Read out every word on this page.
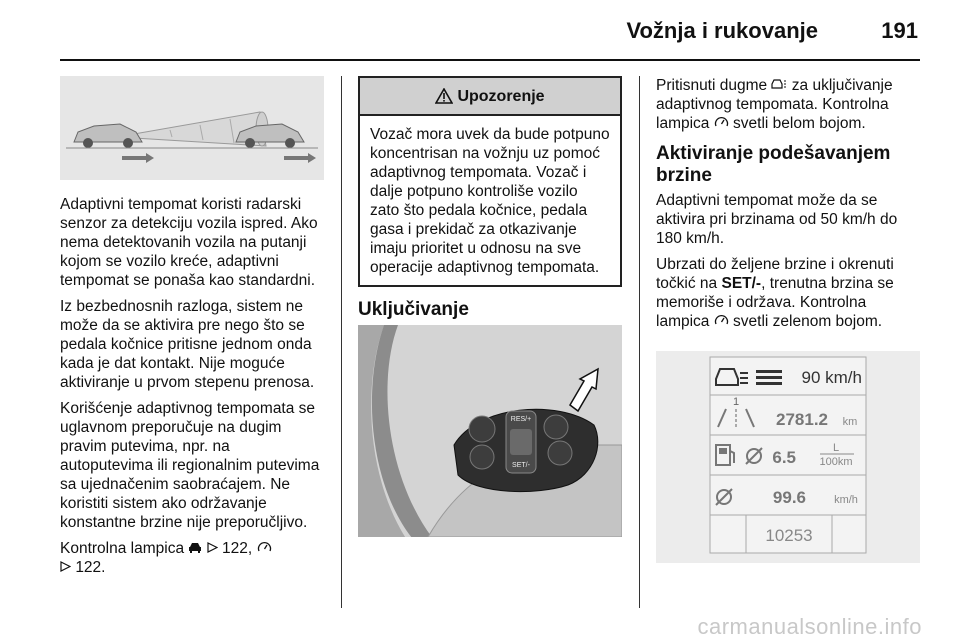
Vožnja i rukovanje	191

Adaptivni tempomat koristi radarski senzor za detekciju vozila ispred. Ako nema detektovanih vozila na putanji kojom se vozilo kreće, adaptivni tempomat se ponaša kao standardni.

Iz bezbednosnih razloga, sistem ne može da se aktivira pre nego što se pedala kočnice pritisne jednom onda kada je dat kontakt. Nije moguće aktiviranje u prvom stepenu prenosa.

Korišćenje adaptivnog tempomata se uglavnom preporučuje na dugim pravim putevima, npr. na autoputevima ili regionalnim putevima sa ujednačenim saobraćajem. Ne koristiti sistem ako održavanje konstantne brzine nije preporučljivo.

Kontrolna lampica 122,
122.

Upozorenje
Vozač mora uvek da bude potpuno koncentrisan na vožnju uz pomoć adaptivnog tempomata. Vozač i dalje potpuno kontroliše vozilo zato što pedala kočnice, pedala gasa i prekidač za otkazivanje imaju prioritet u odnosu na sve operacije adaptivnog tempomata.
Uključivanje
RES/+
SET/-

Pritisnuti dugme za uključivanje adaptivnog tempomata. Kontrolna lampica svetli belom bojom.

Aktiviranje podešavanjem brzine

Adaptivni tempomat može da se aktivira pri brzinama od 50 km/h do 180 km/h.

Ubrzati do željene brzine i okrenuti točkić na SET/-, trenutna brzina se memoriše i održava. Kontrolna lampica svetli zelenom bojom.

90 km/h
1
2781.2 km
6.5	L
100km
99.6	km/h
10253
carmanualsonline.info
